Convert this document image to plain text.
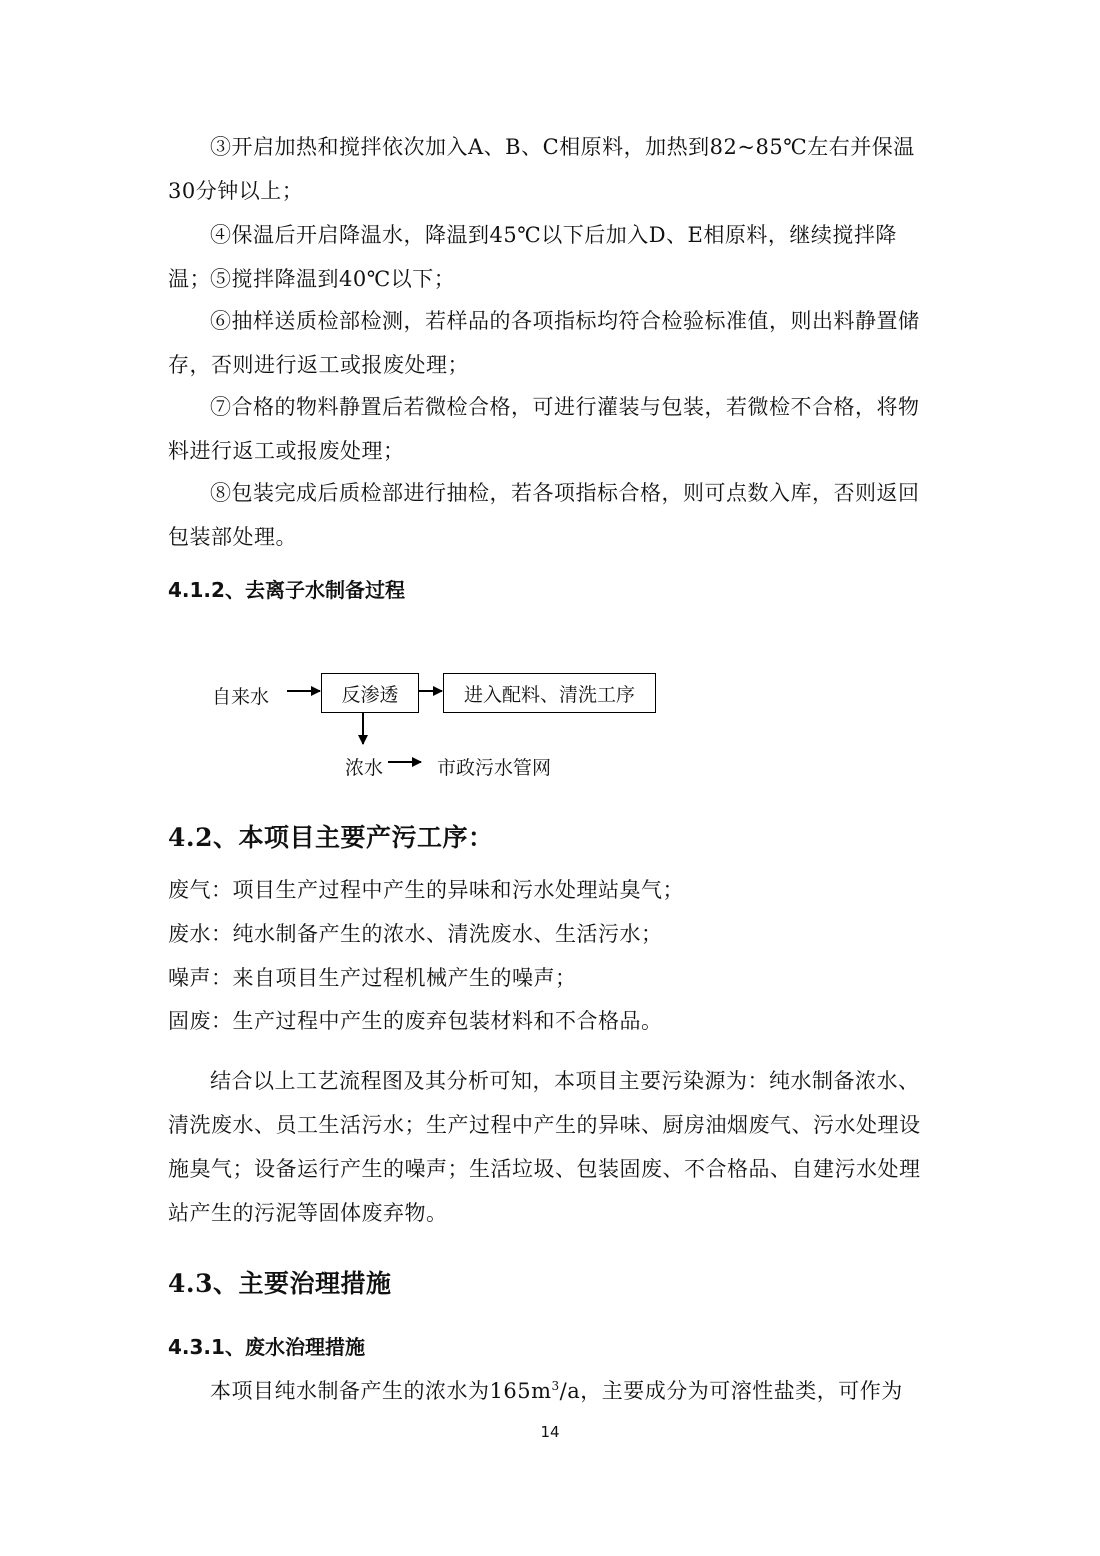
③开启加热和搅拌依次加入A、B、C相原料，加热到82~85℃左右并保温30分钟以上；

④保温后开启降温水，降温到45℃以下后加入D、E相原料，继续搅拌降温； ⑤搅拌降温到40℃以下；

⑥抽样送质检部检测，若样品的各项指标均符合检验标准值，则出料静置储存，否则进行返工或报废处理；

⑦合格的物料静置后若微检合格，可进行灌装与包装，若微检不合格，将物料进行返工或报废处理；

⑧包装完成后质检部进行抽检，若各项指标合格，则可点数入库，否则返回包装部处理。

4.1.2、去离子水制备过程
自来水	反渗透	进入配料、清洗工序
浓水	市政污水管网
4.2、本项目主要产污工序：

废气：项目生产过程中产生的异味和污水处理站臭气；

废水：纯水制备产生的浓水、清洗废水、生活污水；

噪声：来自项目生产过程机械产生的噪声；

固废：生产过程中产生的废弃包装材料和不合格品。

结合以上工艺流程图及其分析可知，本项目主要污染源为：纯水制备浓水、清洗废水、员工生活污水；生产过程中产生的异味、厨房油烟废气、污水处理设施臭气；设备运行产生的噪声；生活垃圾、包装固废、不合格品、自建污水处理站产生的污泥等固体废弃物。

4.3、主要治理措施
4.3.1、废水治理措施

本项目纯水制备产生的浓水为$165m^3/a$，主要成分为可溶性盐类，可作为

14
